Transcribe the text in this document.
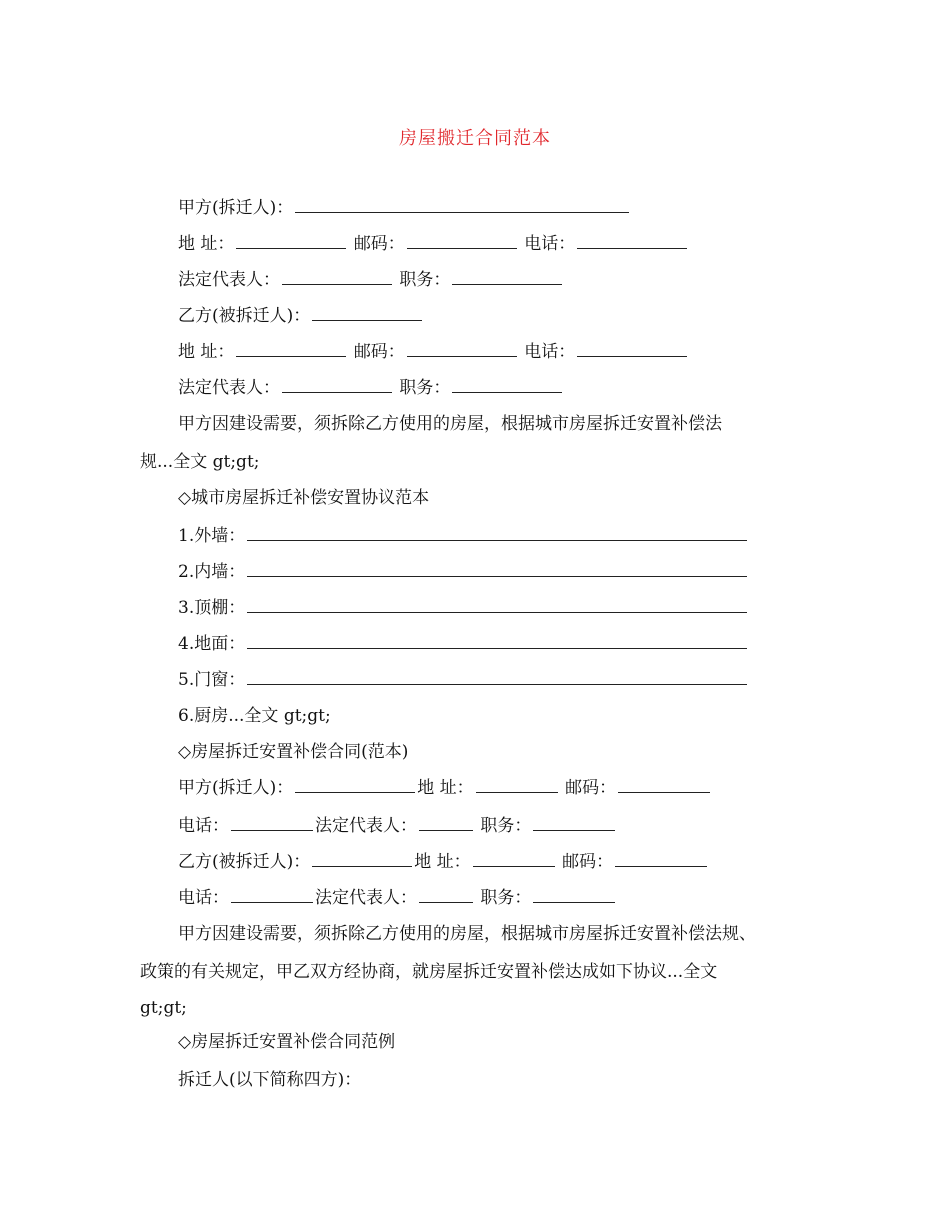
房屋搬迁合同范本
甲方(拆迁人)：
地 址：	邮码：	电话：
法定代表人：	职务：
乙方(被拆迁人)：
地 址：	邮码：	电话：
法定代表人：	职务：
甲方因建设需要，须拆除乙方使用的房屋，根据城市房屋拆迁安置补偿法
规...全文 gt;gt;
◇城市房屋拆迁补偿安置协议范本
1.外墙：
2.内墙：
3.顶棚：
4.地面：
5.门窗：
6.厨房...全文 gt;gt;
◇房屋拆迁安置补偿合同(范本)
甲方(拆迁人)：	地 址：	邮码：
电话：	法定代表人：	职务：
乙方(被拆迁人)：	地 址：	邮码：
电话：	法定代表人：	职务：
甲方因建设需要，须拆除乙方使用的房屋，根据城市房屋拆迁安置补偿法规、
政策的有关规定，甲乙双方经协商，就房屋拆迁安置补偿达成如下协议...全文
gt;gt;
◇房屋拆迁安置补偿合同范例
拆迁人(以下简称四方)：
